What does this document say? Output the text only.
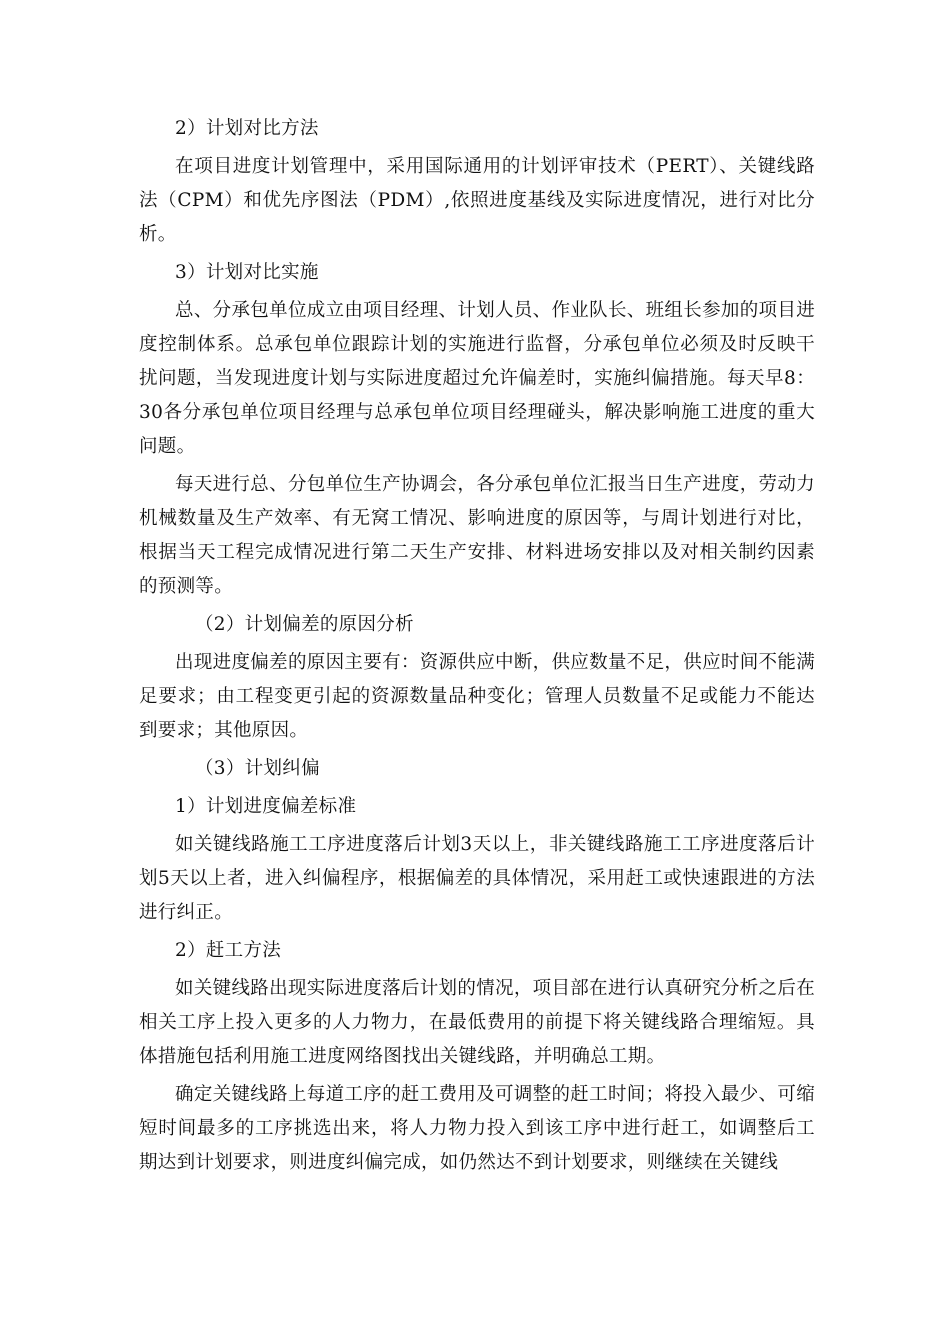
2）计划对比方法

在项目进度计划管理中，采用国际通用的计划评审技术（PERT）、关键线路法（CPM）和优先序图法（PDM）,依照进度基线及实际进度情况，进行对比分析。

3）计划对比实施

总、分承包单位成立由项目经理、计划人员、作业队长、班组长参加的项目进度控制体系。总承包单位跟踪计划的实施进行监督，分承包单位必须及时反映干扰问题，当发现进度计划与实际进度超过允许偏差时，实施纠偏措施。每天早8：30各分承包单位项目经理与总承包单位项目经理碰头，解决影响施工进度的重大问题。

每天进行总、分包单位生产协调会，各分承包单位汇报当日生产进度，劳动力机械数量及生产效率、有无窝工情况、影响进度的原因等，与周计划进行对比，根据当天工程完成情况进行第二天生产安排、材料进场安排以及对相关制约因素的预测等。

（2）计划偏差的原因分析

出现进度偏差的原因主要有：资源供应中断，供应数量不足，供应时间不能满足要求；由工程变更引起的资源数量品种变化；管理人员数量不足或能力不能达到要求；其他原因。

（3）计划纠偏

1）计划进度偏差标准

如关键线路施工工序进度落后计划3天以上，非关键线路施工工序进度落后计划5天以上者，进入纠偏程序，根据偏差的具体情况，采用赶工或快速跟进的方法进行纠正。

2）赶工方法

如关键线路出现实际进度落后计划的情况，项目部在进行认真研究分析之后在相关工序上投入更多的人力物力，在最低费用的前提下将关键线路合理缩短。具体措施包括利用施工进度网络图找出关键线路，并明确总工期。

确定关键线路上每道工序的赶工费用及可调整的赶工时间；将投入最少、可缩短时间最多的工序挑选出来，将人力物力投入到该工序中进行赶工，如调整后工期达到计划要求，则进度纠偏完成，如仍然达不到计划要求，则继续在关键线
